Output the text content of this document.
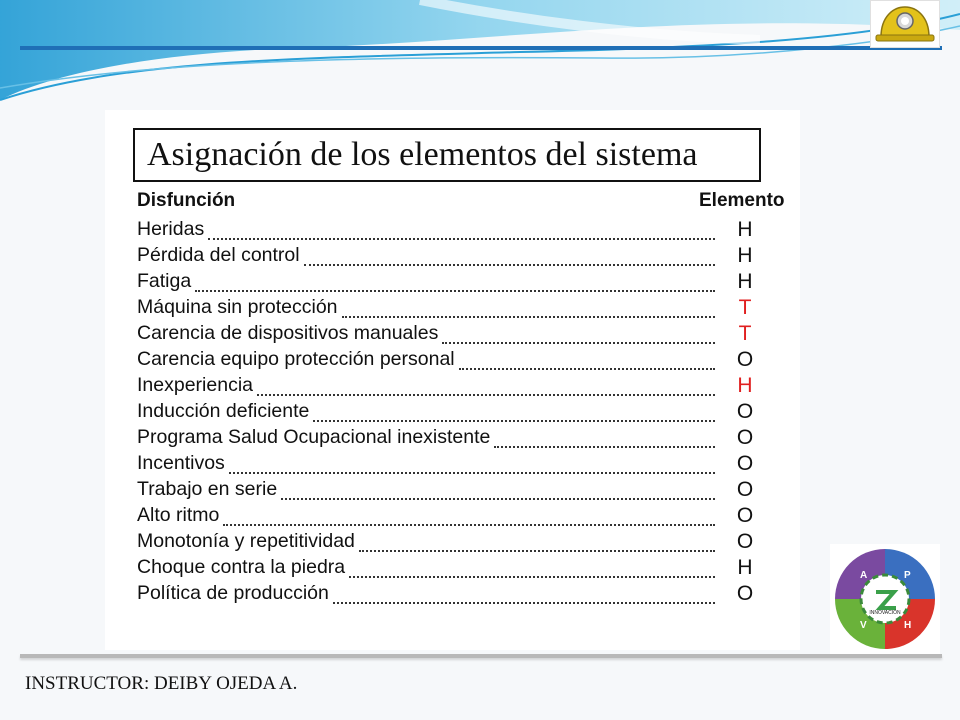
Asignación de los elementos del sistema
Disfunción	Elemento
Heridas	H
Pérdida del control	H
Fatiga	H
Máquina sin protección	T
Carencia de dispositivos manuales	T
Carencia equipo protección personal	O
Inexperiencia	H
Inducción deficiente	O
Programa Salud Ocupacional inexistente	O
Incentivos	O
Trabajo en serie	O
Alto ritmo	O
Monotonía y repetitividad	O
Choque contra la piedra	H
Política de producción	O
INSTRUCTOR: DEIBY OJEDA A.
INNOVACIÓN
A	P
V	H
